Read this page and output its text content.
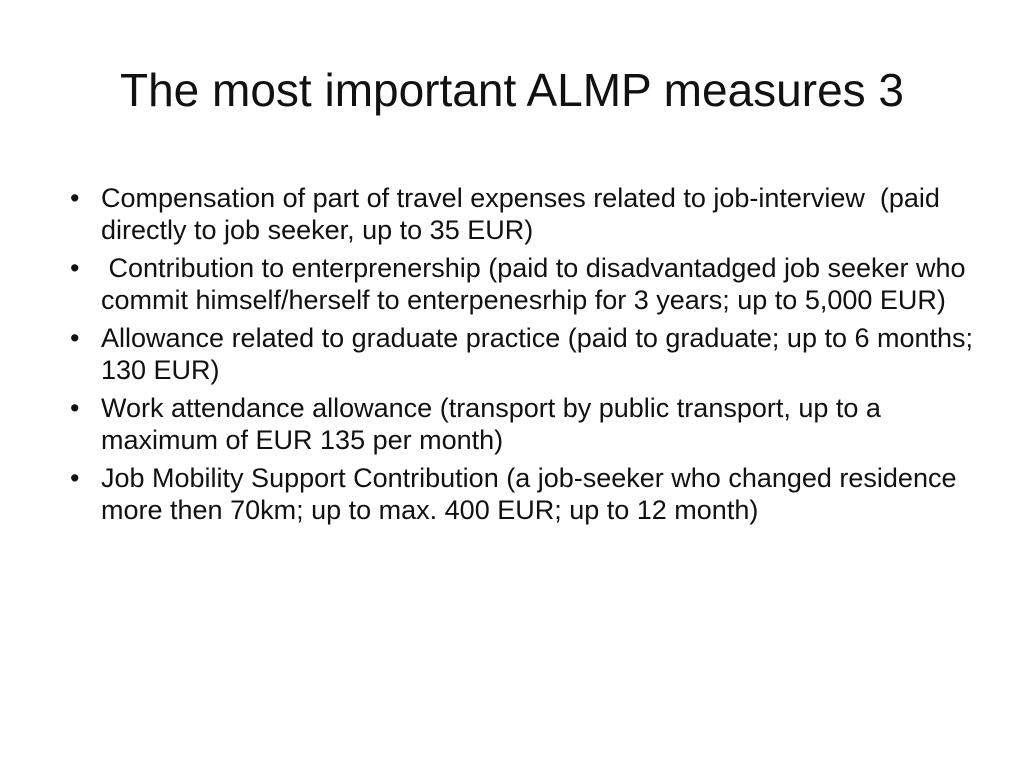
The most important ALMP measures 3
• Compensation of part of travel expenses related to job-interview  (paid directly to job seeker, up to 35 EUR)
• Contribution to enterprenership (paid to disadvantadged job seeker who commit himself/herself to enterpenesrhip for 3 years; up to 5,000 EUR)
• Allowance related to graduate practice (paid to graduate; up to 6 months; 130 EUR)
• Work attendance allowance (transport by public transport, up to a maximum of EUR 135 per month)
• Job Mobility Support Contribution (a job-seeker who changed residence more then 70km; up to max. 400 EUR; up to 12 month)
